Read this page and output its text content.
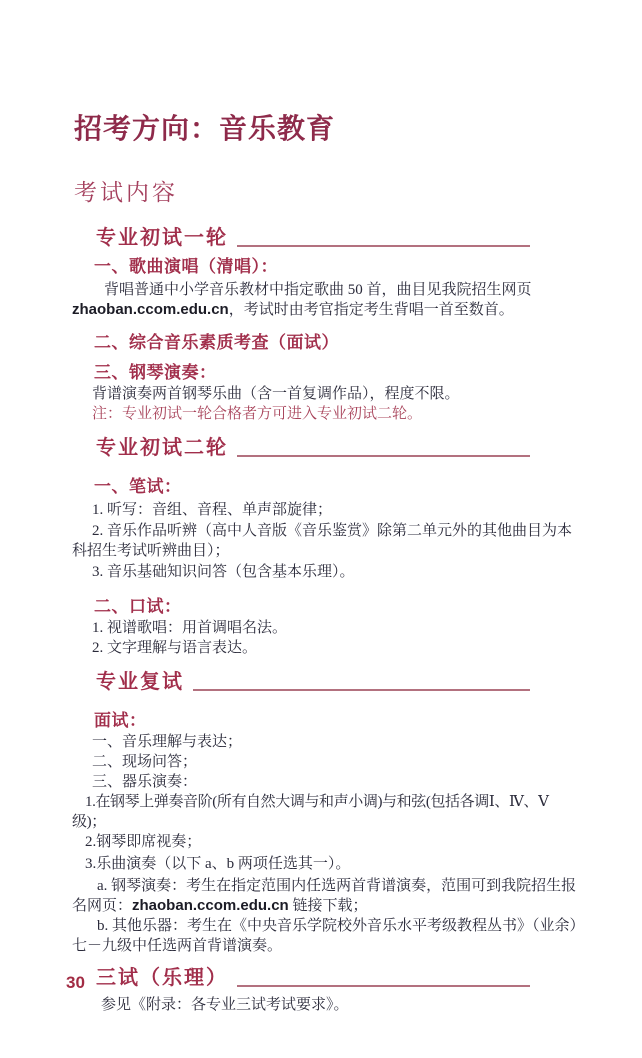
招考方向：音乐教育
考试内容
专业初试一轮
一、歌曲演唱（清唱）：

背唱普通中小学音乐教材中指定歌曲 50 首，曲目见我院招生网页 zhaoban.ccom.edu.cn，考试时由考官指定考生背唱一首至数首。

二、综合音乐素质考查（面试）
三、钢琴演奏：

背谱演奏两首钢琴乐曲（含一首复调作品），程度不限。

注：专业初试一轮合格者方可进入专业初试二轮。

专业初试二轮
一、笔试：

1. 听写：音组、音程、单声部旋律；

2. 音乐作品听辨（高中人音版《音乐鉴赏》除第二单元外的其他曲目为本科招生考试听辨曲目）；

3. 音乐基础知识问答（包含基本乐理）。

二、口试：

1. 视谱歌唱：用首调唱名法。

2. 文字理解与语言表达。

专业复试
面试：

一、音乐理解与表达；

二、现场问答；

三、器乐演奏：

1.在钢琴上弹奏音阶(所有自然大调与和声小调)与和弦(包括各调Ⅰ、Ⅳ、Ⅴ级)；

2.钢琴即席视奏；

3.乐曲演奏（以下 a、b 两项任选其一）。

a. 钢琴演奏：考生在指定范围内任选两首背谱演奏，范围可到我院招生报名网页：zhaoban.ccom.edu.cn 链接下载；

b. 其他乐器：考生在《中央音乐学院校外音乐水平考级教程丛书》（业余）七－九级中任选两首背谱演奏。

三试（乐理）

参见《附录：各专业三试考试要求》。

30
